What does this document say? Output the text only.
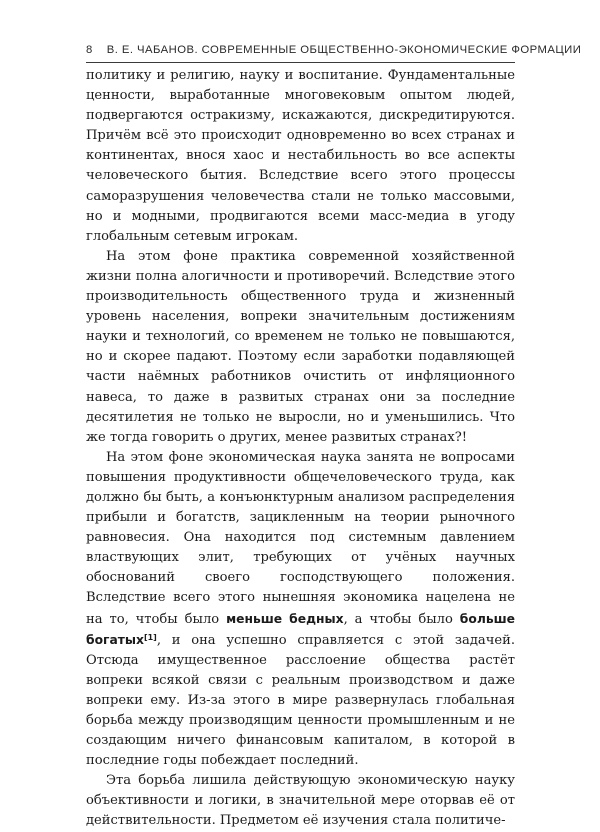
8 В. Е. ЧАБАНОВ. СОВРЕМЕННЫЕ ОБЩЕСТВЕННО-ЭКОНОМИЧЕСКИЕ ФОРМАЦИИ

политику и религию, науку и воспитание. Фундаментальные ценности, выработанные многовековым опытом людей, подвергаются остракизму, искажаются, дискредитируются. Причём всё это происходит одновременно во всех странах и континентах, внося хаос и нестабильность во все аспекты человеческого бытия. Вследствие всего этого процессы саморазрушения человечества стали не только массовыми, но и модными, продвигаются всеми масс-медиа в угоду глобальным сетевым игрокам.

На этом фоне практика современной хозяйственной жизни полна алогичности и противоречий. Вследствие этого производительность общественного труда и жизненный уровень населения, вопреки значительным достижениям науки и технологий, со временем не только не повышаются, но и скорее падают. Поэтому если заработки подавляющей части наёмных работников очистить от инфляционного навеса, то даже в развитых странах они за последние десятилетия не только не выросли, но и уменьшились. Что же тогда говорить о других, менее развитых странах?!

На этом фоне экономическая наука занята не вопросами повышения продуктивности общечеловеческого труда, как должно бы быть, а конъюнктурным анализом распределения прибыли и богатств, зацикленным на теории рыночного равновесия. Она находится под системным давлением властвующих элит, требующих от учёных научных обоснований своего господствующего положения. Вследствие всего этого нынешняя экономика нацелена не на то, чтобы было меньше бедных, а чтобы было больше богатых[1], и она успешно справляется с этой задачей. Отсюда имущественное расслоение общества растёт вопреки всякой связи с реальным производством и даже вопреки ему. Из-за этого в мире развернулась глобальная борьба между производящим ценности промышленным и не создающим ничего финансовым капиталом, в которой в последние годы побеждает последний.

Эта борьба лишила действующую экономическую науку объективности и логики, в значительной мере оторвав её от действительности. Предметом её изучения стала политиче-
